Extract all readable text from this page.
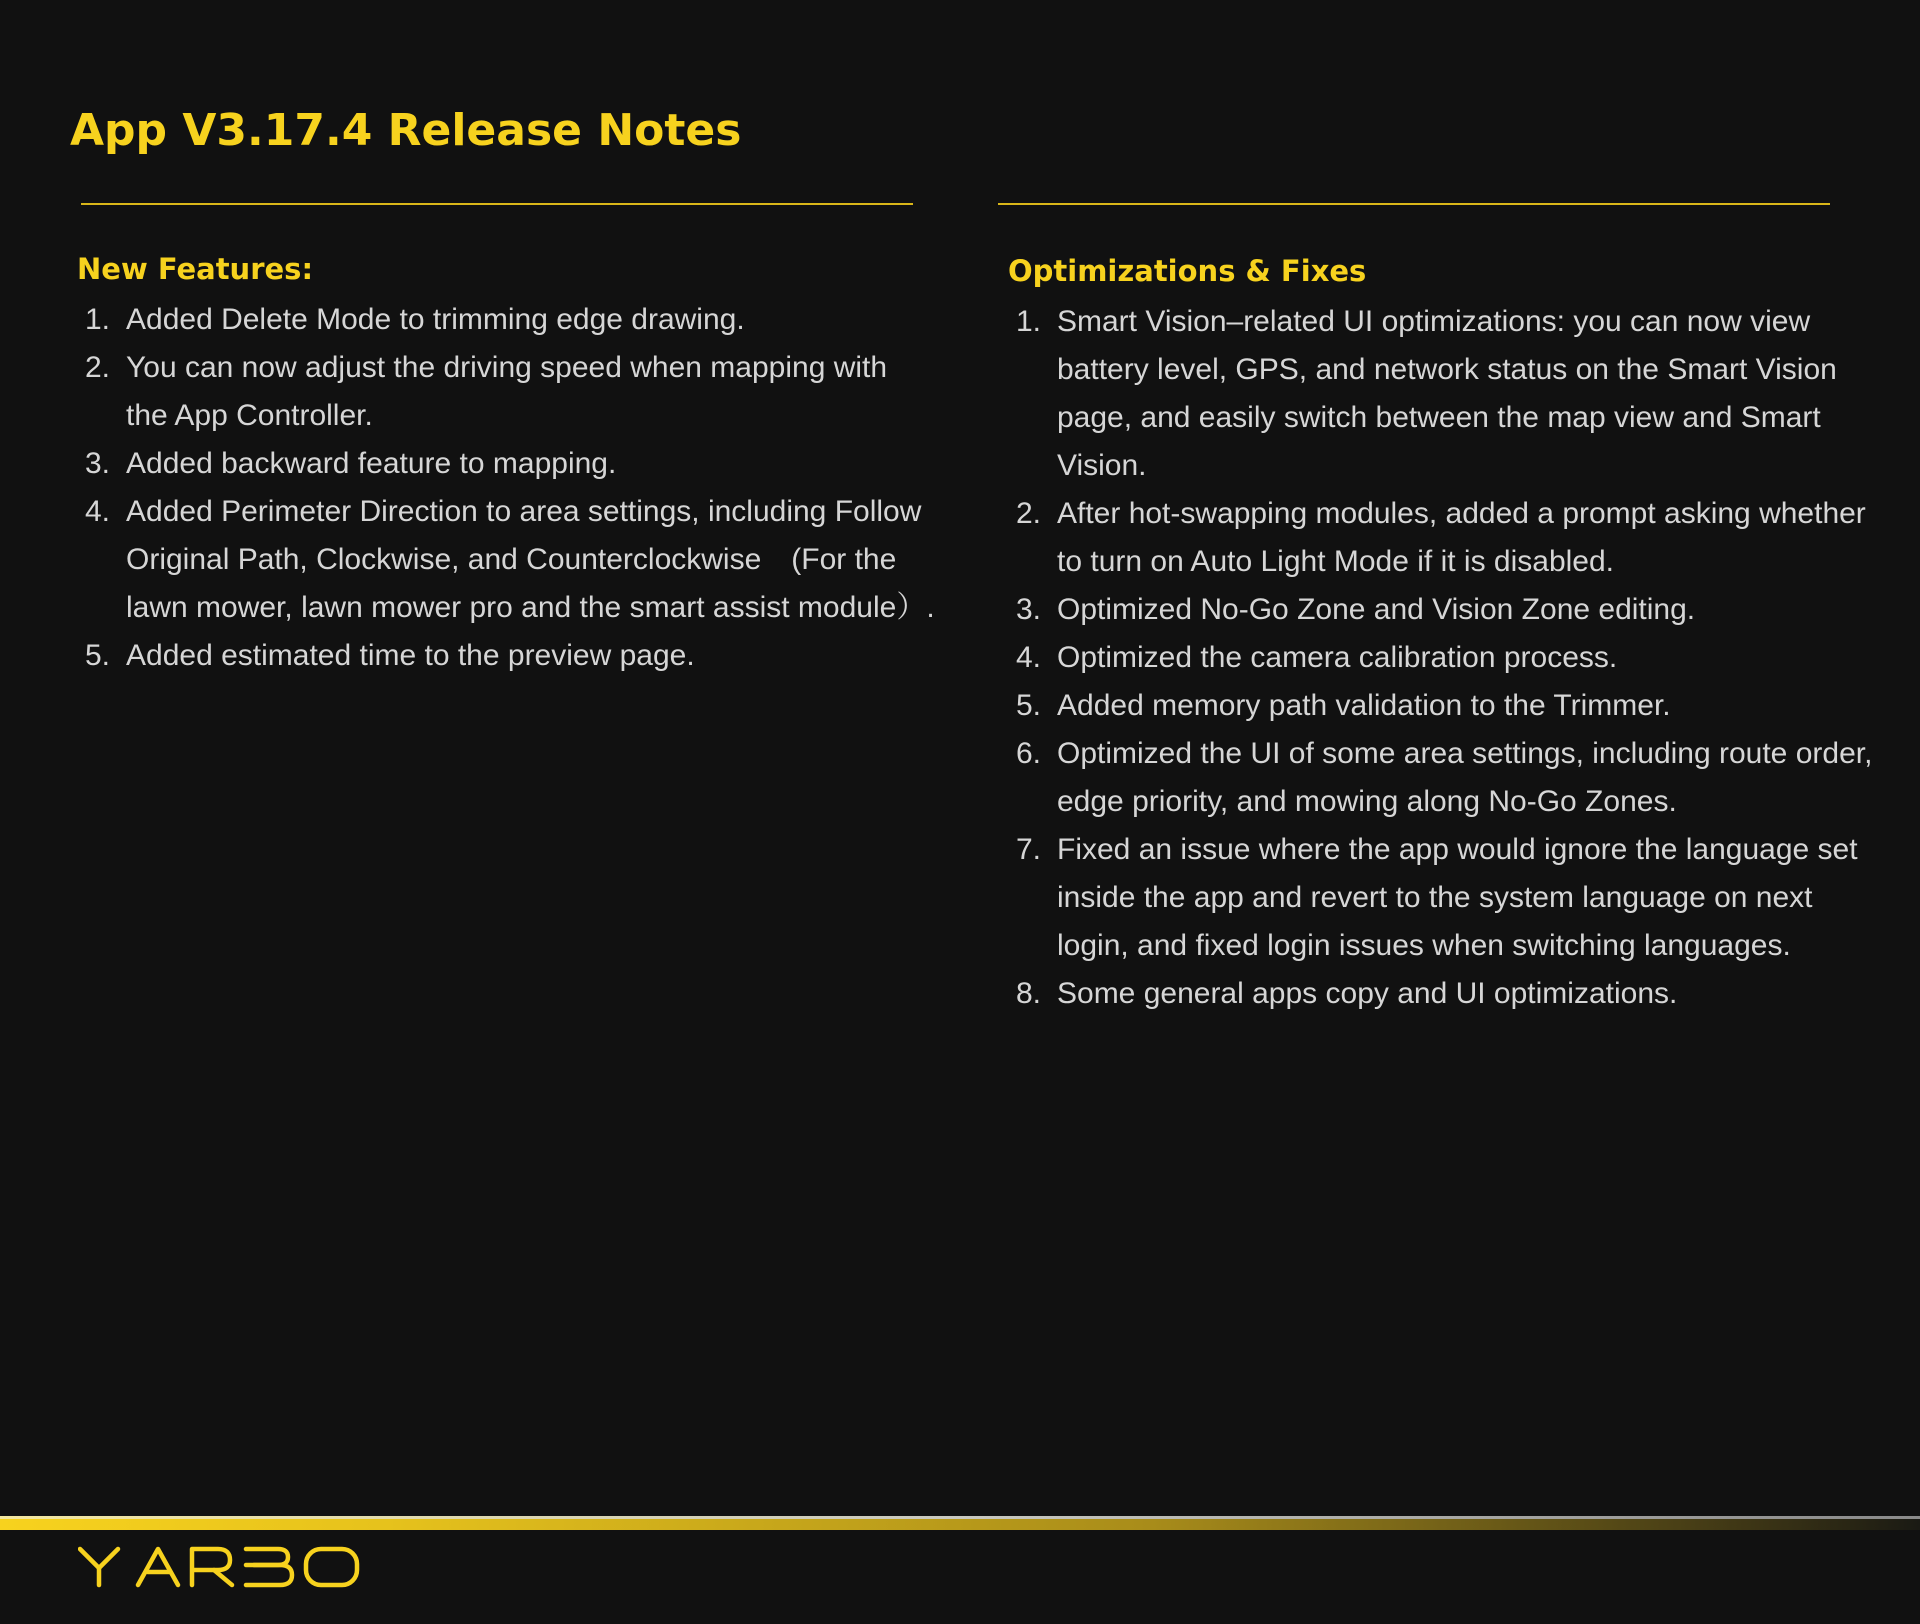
App V3.17.4 Release Notes
New Features:
1. Added Delete Mode to trimming edge drawing.
2. You can now adjust the driving speed when mapping with the App Controller.
3. Added backward feature to mapping.
4. Added Perimeter Direction to area settings, including Follow Original Path, Clockwise, and Counterclockwise　(For the lawn mower, lawn mower pro and the smart assist module）.
5. Added estimated time to the preview page.
Optimizations & Fixes
1. Smart Vision–related UI optimizations: you can now view battery level, GPS, and network status on the Smart Vision page, and easily switch between the map view and Smart Vision.
2. After hot-swapping modules, added a prompt asking whether to turn on Auto Light Mode if it is disabled.
3. Optimized No-Go Zone and Vision Zone editing.
4. Optimized the camera calibration process.
5. Added memory path validation to the Trimmer.
6. Optimized the UI of some area settings, including route order, edge priority, and mowing along No-Go Zones.
7. Fixed an issue where the app would ignore the language set inside the app and revert to the system language on next login, and fixed login issues when switching languages.
8. Some general apps copy and UI optimizations.
